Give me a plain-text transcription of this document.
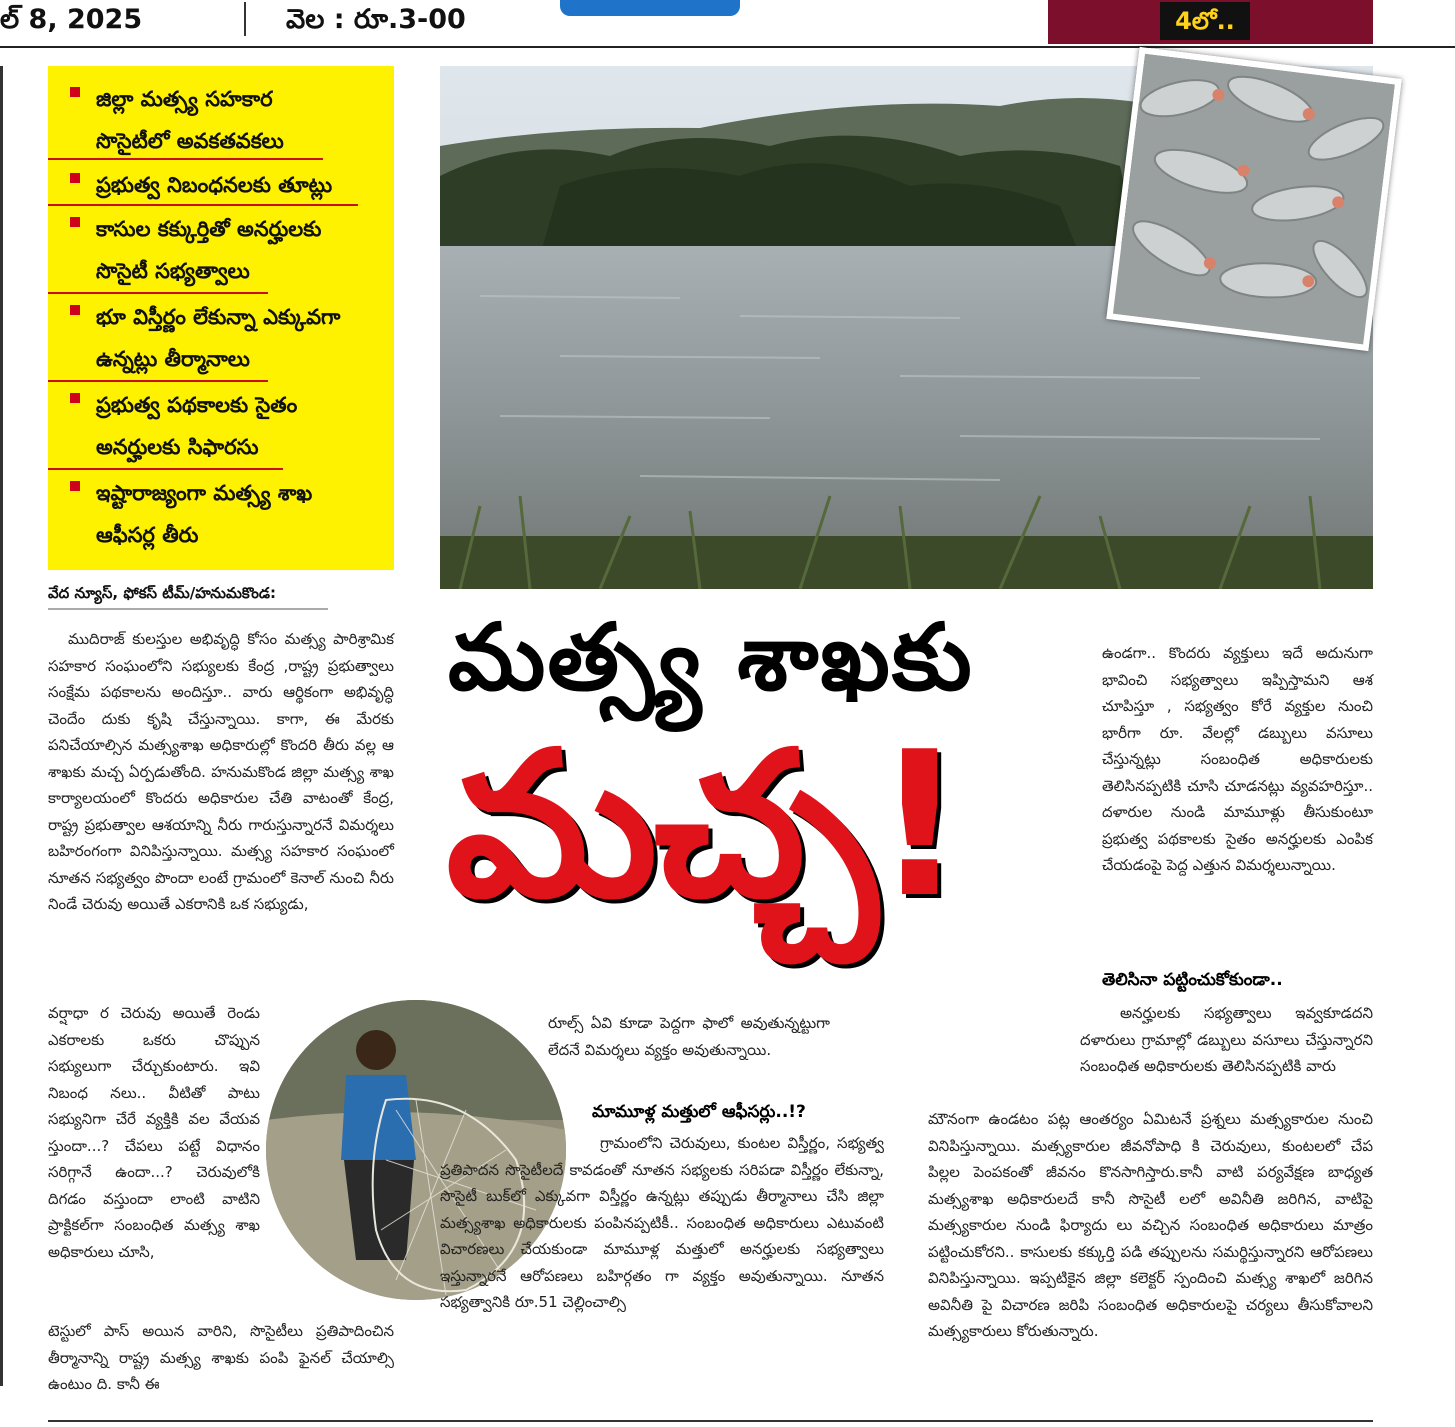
ల్ 8, 2025	వెల : రూ.3-00	4లో..
జిల్లా మత్స్య సహకార
సొసైటీలో అవకతవకలు
ప్రభుత్వ నిబంధనలకు తూట్లు
కాసుల కక్కుర్తితో అనర్హులకు
సొసైటీ సభ్యత్వాలు
భూ విస్తీర్ణం లేకున్నా ఎక్కువగా
ఉన్నట్లు తీర్మానాలు
ప్రభుత్వ పథకాలకు సైతం
అనర్హులకు సిఫారసు
ఇష్టారాజ్యంగా మత్స్య శాఖ
ఆఫీసర్ల తీరు
వేద న్యూస్, ఫోకస్ టీమ్/హనుమకొండ:

ముదిరాజ్ కులస్తుల అభివృద్ధి కోసం మత్స్య పారిశ్రామిక సహకార సంఘంలోని సభ్యులకు కేంద్ర ,రాష్ట్ర ప్రభుత్వాలు సంక్షేమ పథకాలను అందిస్తూ.. వారు ఆర్థికంగా అభివృద్ధి చెందేం దుకు కృషి చేస్తున్నాయి. కాగా, ఈ మేరకు పనిచేయాల్సిన మత్స్యశాఖ అధికారుల్లో కొందరి తీరు వల్ల ఆ శాఖకు మచ్చ ఏర్పడుతోంది. హనుమకొండ జిల్లా మత్స్య శాఖ కార్యాలయంలో కొందరు అధికారుల చేతి వాటంతో కేంద్ర, రాష్ట్ర ప్రభుత్వాల ఆశయాన్ని నీరు గారుస్తున్నారనే విమర్శలు బహిరంగంగా వినిపిస్తున్నాయి. మత్స్య సహకార సంఘంలో నూతన సభ్యత్వం పొందా లంటే గ్రామంలో కెనాల్ నుంచి నీరు నిండే చెరువు అయితే ఎకరానికి ఒక సభ్యుడు,

వర్షాధా ర చెరువు అయితే రెండు ఎకరాలకు ఒకరు చొప్పున సభ్యులుగా చేర్చుకుంటారు. ఇవి నిబంధ నలు.. వీటితో పాటు సభ్యునిగా చేరే వ్యక్తికి వల వేయవ స్తుందా...? చేపలు పట్టే విధానం సరిగ్గానే ఉందా...? చెరువులోకి దిగడం వస్తుందా లాంటి వాటిని ప్రాక్టికల్‌గా సంబంధిత మత్స్య శాఖ అధికారులు చూసి,

టెస్టులో పాస్ అయిన వారిని, సొసైటీలు ప్రతిపాదించిన తీర్మానాన్ని రాష్ట్ర మత్స్య శాఖకు పంపి ఫైనల్ చేయాల్సి ఉంటుం ది. కానీ ఈ

మత్స్య శాఖకు
మచ్చ!

రూల్స్ ఏవి కూడా పెద్దగా ఫాలో అవుతున్నట్టుగా లేదనే విమర్శలు వ్యక్తం అవుతున్నాయి.

మామూళ్ల మత్తులో ఆఫీసర్లు..!?

గ్రామంలోని చెరువులు, కుంటల విస్తీర్ణం, సభ్యత్వ ప్రతిపాదన సొసైటీలదే కావడంతో నూతన సభ్యలకు సరిపడా విస్తీర్ణం లేకున్నా, సొసైటీ బుక్‌లో ఎక్కువగా విస్తీర్ణం ఉన్నట్లు తప్పుడు తీర్మానాలు చేసి జిల్లా మత్స్యశాఖ అధికారులకు పంపినప్పటికీ.. సంబంధిత అధికారులు ఎటువంటి విచారణలు చేయకుండా మామూళ్ల మత్తులో అనర్హులకు సభ్యత్వాలు ఇస్తున్నారనే ఆరోపణలు బహిర్గతం గా వ్యక్తం అవుతున్నాయి. నూతన సభ్యత్వానికి రూ.51 చెల్లించాల్సి

ఉండగా.. కొందరు వ్యక్తులు ఇదే అదునుగా భావించి సభ్యత్వాలు ఇప్పిస్తామని ఆశ చూపిస్తూ , సభ్యత్వం కోరే వ్యక్తుల నుంచి భారీగా రూ. వేలల్లో డబ్బులు వసూలు చేస్తున్నట్లు సంబంధిత అధికారులకు తెలిసినప్పటికి చూసి చూడనట్లు వ్యవహరిస్తూ.. దళారుల నుండి మామూళ్లు తీసుకుంటూ ప్రభుత్వ పథకాలకు సైతం అనర్హులకు ఎంపిక చేయడంపై పెద్ద ఎత్తున విమర్శలున్నాయి.

తెలిసినా పట్టించుకోకుండా..

అనర్హులకు సభ్యత్వాలు ఇవ్వకూడదని దళారులు గ్రామాల్లో డబ్బులు వసూలు చేస్తున్నారని సంబంధిత అధికారులకు తెలిసినప్పటికి వారు

మౌనంగా ఉండటం పట్ల ఆంతర్యం ఏమిటనే ప్రశ్నలు మత్స్యకారుల నుంచి వినిపిస్తున్నాయి. మత్స్యకారుల జీవనోపాధి కి చెరువులు, కుంటలలో చేప పిల్లల పెంపకంతో జీవనం కొనసాగిస్తారు.కానీ వాటి పర్యవేక్షణ బాధ్యత మత్స్యశాఖ అధికారులదే కానీ సొసైటీ లలో అవినీతి జరిగిన, వాటిపై మత్స్యకారుల నుండి ఫిర్యాదు లు వచ్చిన సంబంధిత అధికారులు మాత్రం పట్టించుకోరని.. కాసులకు కక్కుర్తి పడి తప్పులను సమర్థిస్తున్నారని ఆరోపణలు వినిపిస్తున్నాయి. ఇప్పటికైన జిల్లా కలెక్టర్ స్పందించి మత్స్య శాఖలో జరిగిన అవినీతి పై విచారణ జరిపి సంబంధిత అధికారులపై చర్యలు తీసుకోవాలని మత్స్యకారులు కోరుతున్నారు.
